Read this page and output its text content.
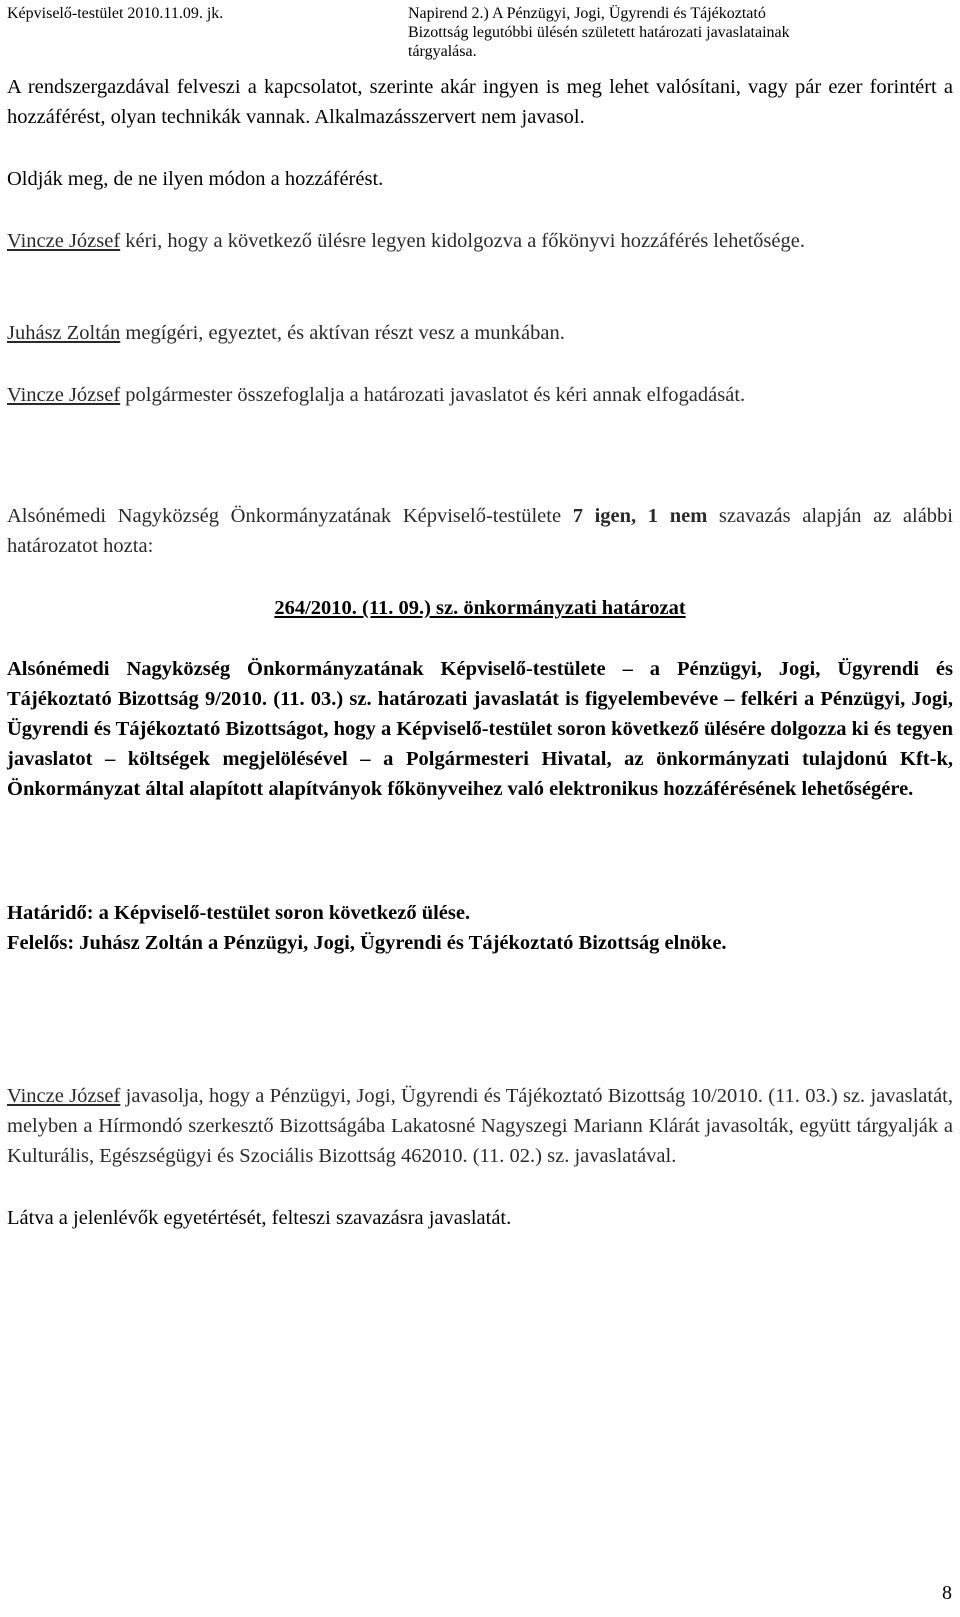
Képviselő-testület 2010.11.09. jk.	Napirend 2.) A Pénzügyi, Jogi, Ügyrendi és Tájékoztató
Bizottság legutóbbi ülésén született határozati javaslatainak
tárgyalása.
A rendszergazdával felveszi a kapcsolatot, szerinte akár ingyen is meg lehet valósítani, vagy pár ezer forintért a hozzáférést, olyan technikák vannak. Alkalmazásszervert nem javasol.
Oldják meg, de ne ilyen módon a hozzáférést.
Vincze József kéri, hogy a következő ülésre legyen kidolgozva a főkönyvi hozzáférés lehetősége.
Juhász Zoltán megígéri, egyeztet, és aktívan részt vesz a munkában.
Vincze József polgármester összefoglalja a határozati javaslatot és kéri annak elfogadását.
Alsónémedi Nagyközség Önkormányzatának Képviselő-testülete 7 igen, 1 nem szavazás alapján az alábbi határozatot hozta:
264/2010. (11. 09.) sz. önkormányzati határozat
Alsónémedi Nagyközség Önkormányzatának Képviselő-testülete – a Pénzügyi, Jogi, Ügyrendi és Tájékoztató Bizottság 9/2010. (11. 03.) sz. határozati javaslatát is figyelembevéve – felkéri a Pénzügyi, Jogi, Ügyrendi és Tájékoztató Bizottságot, hogy a Képviselő-testület soron következő ülésére dolgozza ki és tegyen javaslatot – költségek megjelölésével – a Polgármesteri Hivatal, az önkormányzati tulajdonú Kft-k, Önkormányzat által alapított alapítványok főkönyveihez való elektronikus hozzáférésének lehetőségére.
Határidő: a Képviselő-testület soron következő ülése.
Felelős: Juhász Zoltán a Pénzügyi, Jogi, Ügyrendi és Tájékoztató Bizottság elnöke.
Vincze József javasolja, hogy a Pénzügyi, Jogi, Ügyrendi és Tájékoztató Bizottság 10/2010. (11. 03.) sz. javaslatát, melyben a Hírmondó szerkesztő Bizottságába Lakatosné Nagyszegi Mariann Klárát javasolták, együtt tárgyalják a Kulturális, Egészségügyi és Szociális Bizottság 462010. (11. 02.) sz. javaslatával.
Látva a jelenlévők egyetértését, felteszi szavazásra javaslatát.
8
